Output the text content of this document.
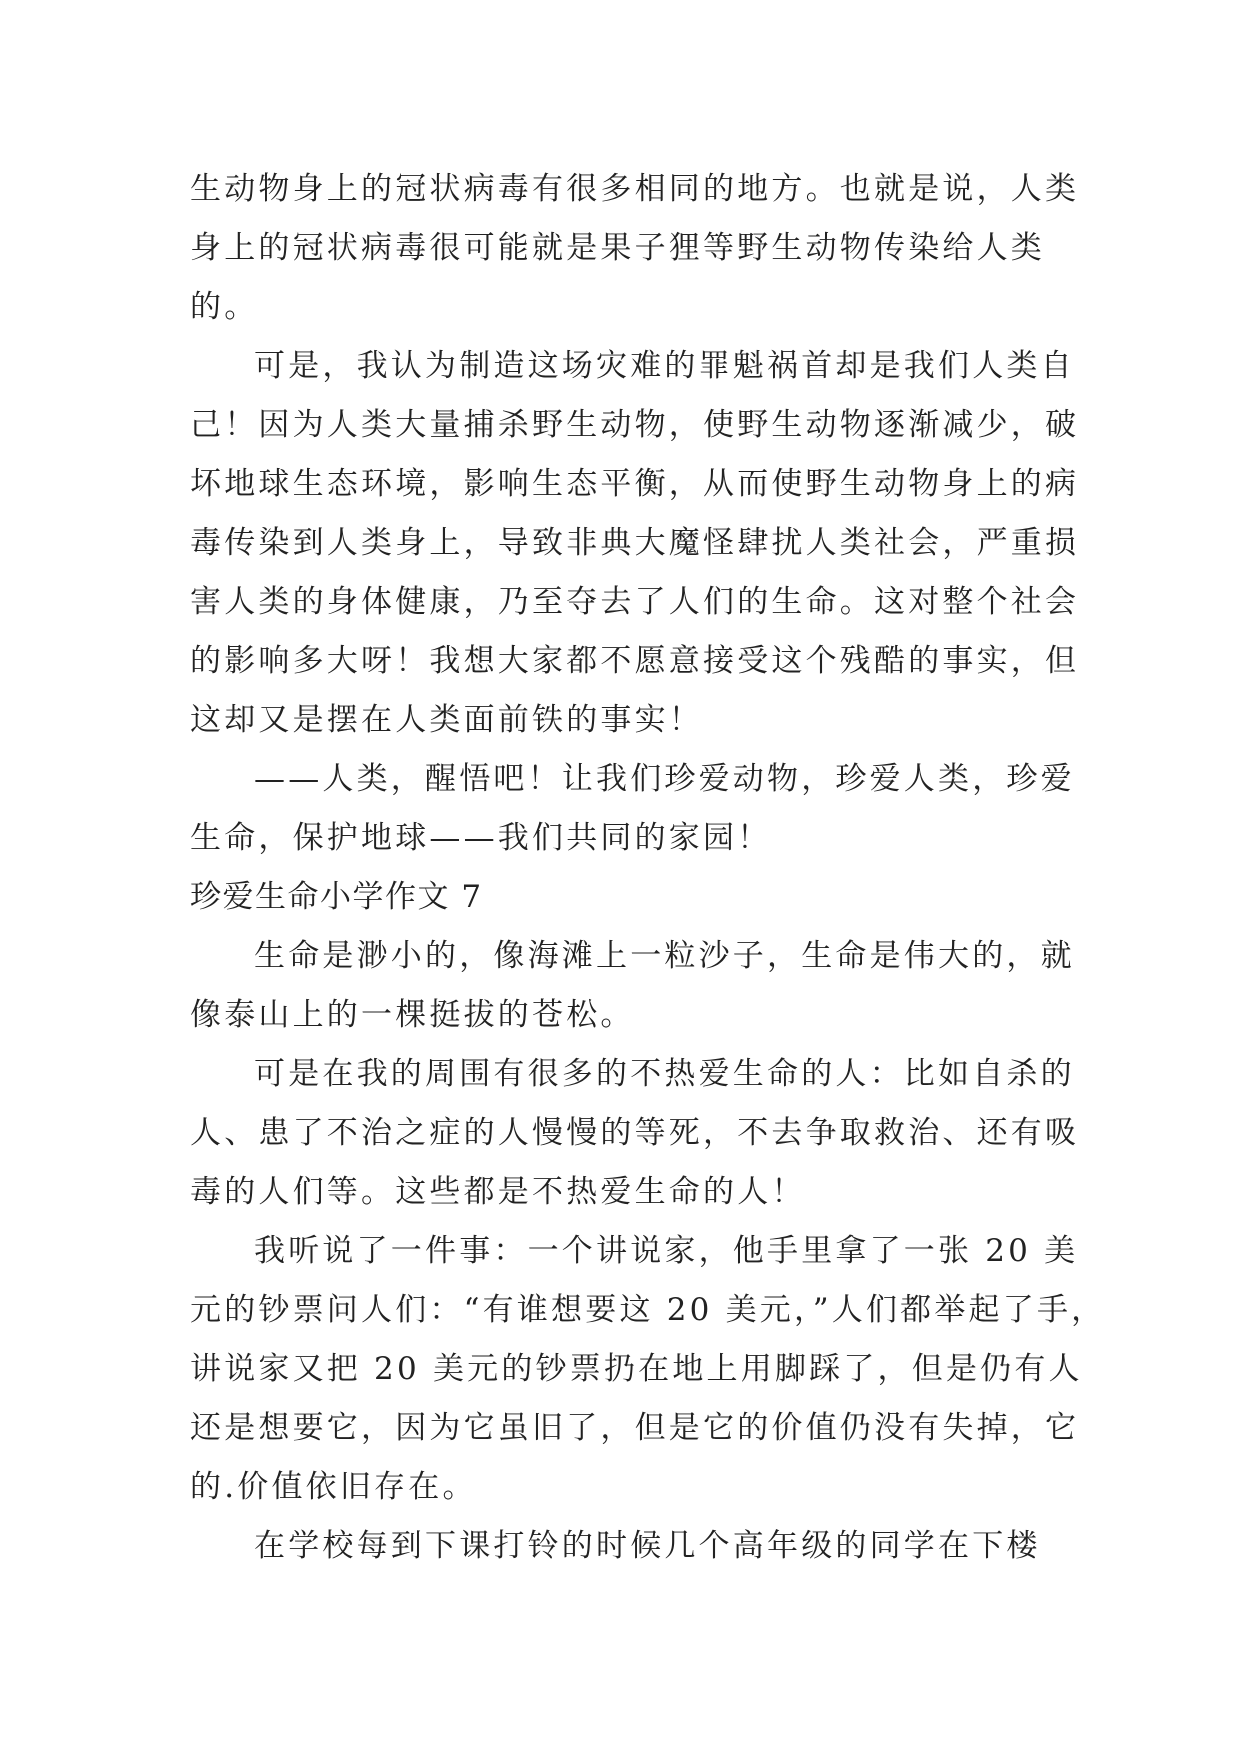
生动物身上的冠状病毒有很多相同的地方。也就是说，人类
身上的冠状病毒很可能就是果子狸等野生动物传染给人类
的。
可是，我认为制造这场灾难的罪魁祸首却是我们人类自
己！因为人类大量捕杀野生动物，使野生动物逐渐减少，破
坏地球生态环境，影响生态平衡，从而使野生动物身上的病
毒传染到人类身上，导致非典大魔怪肆扰人类社会，严重损
害人类的身体健康，乃至夺去了人们的生命。这对整个社会
的影响多大呀！我想大家都不愿意接受这个残酷的事实，但
这却又是摆在人类面前铁的事实！
——人类，醒悟吧！让我们珍爱动物，珍爱人类，珍爱
生命，保护地球——我们共同的家园！
珍爱生命小学作文 7
生命是渺小的，像海滩上一粒沙子，生命是伟大的，就
像泰山上的一棵挺拔的苍松。
可是在我的周围有很多的不热爱生命的人：比如自杀的
人、患了不治之症的人慢慢的等死，不去争取救治、还有吸
毒的人们等。这些都是不热爱生命的人！
我听说了一件事：一个讲说家，他手里拿了一张 20 美
元的钞票问人们：“有谁想要这 20 美元，”人们都举起了手，
讲说家又把 20 美元的钞票扔在地上用脚踩了，但是仍有人
还是想要它，因为它虽旧了，但是它的价值仍没有失掉，它
的.价值依旧存在。
在学校每到下课打铃的时候几个高年级的同学在下楼
